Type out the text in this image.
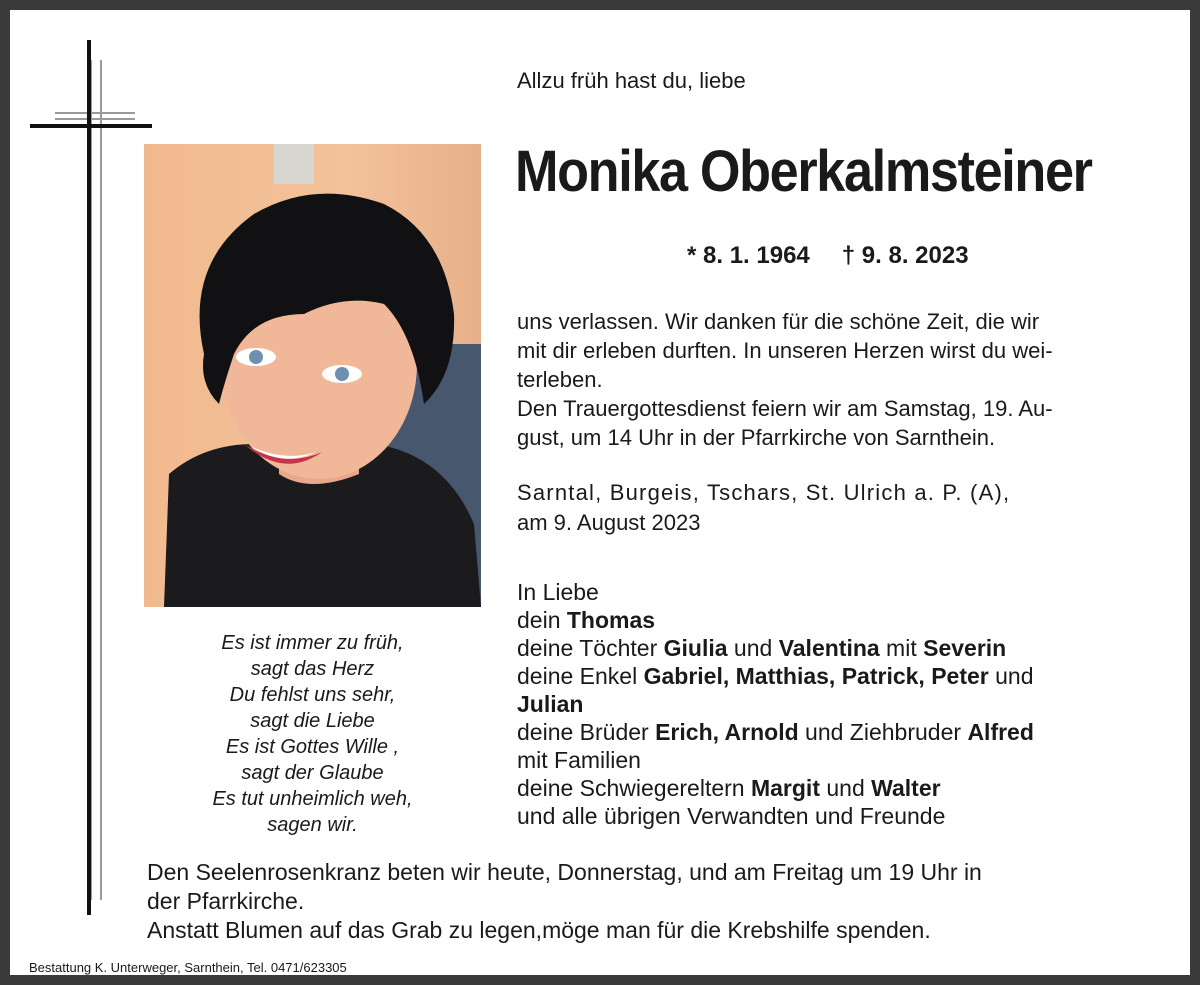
Es ist immer zu früh,
sagt das Herz
Du fehlst uns sehr,
sagt die Liebe
Es ist Gottes Wille ,
sagt der Glaube
Es tut unheimlich weh,
sagen wir.
Allzu früh hast du, liebe
Monika Oberkalmsteiner
* 8. 1. 1964 † 9. 8. 2023
uns verlassen. Wir danken für die schöne Zeit, die wir
mit dir erleben durften. In unseren Herzen wirst du wei-
terleben.
Den Trauergottesdienst feiern wir am Samstag, 19. Au-
gust, um 14 Uhr in der Pfarrkirche von Sarnthein.
Sarntal, Burgeis, Tschars, St. Ulrich a. P. (A),
am 9. August 2023
In Liebe
dein Thomas
deine Töchter Giulia und Valentina mit Severin
deine Enkel Gabriel, Matthias, Patrick, Peter und
Julian
deine Brüder Erich, Arnold und Ziehbruder Alfred
mit Familien
deine Schwiegereltern Margit und Walter
und alle übrigen Verwandten und Freunde
Den Seelenrosenkranz beten wir heute, Donnerstag, und am Freitag um 19 Uhr in
der Pfarrkirche.
Anstatt Blumen auf das Grab zu legen,möge man für die Krebshilfe spenden.
Bestattung K. Unterweger, Sarnthein, Tel. 0471/623305
